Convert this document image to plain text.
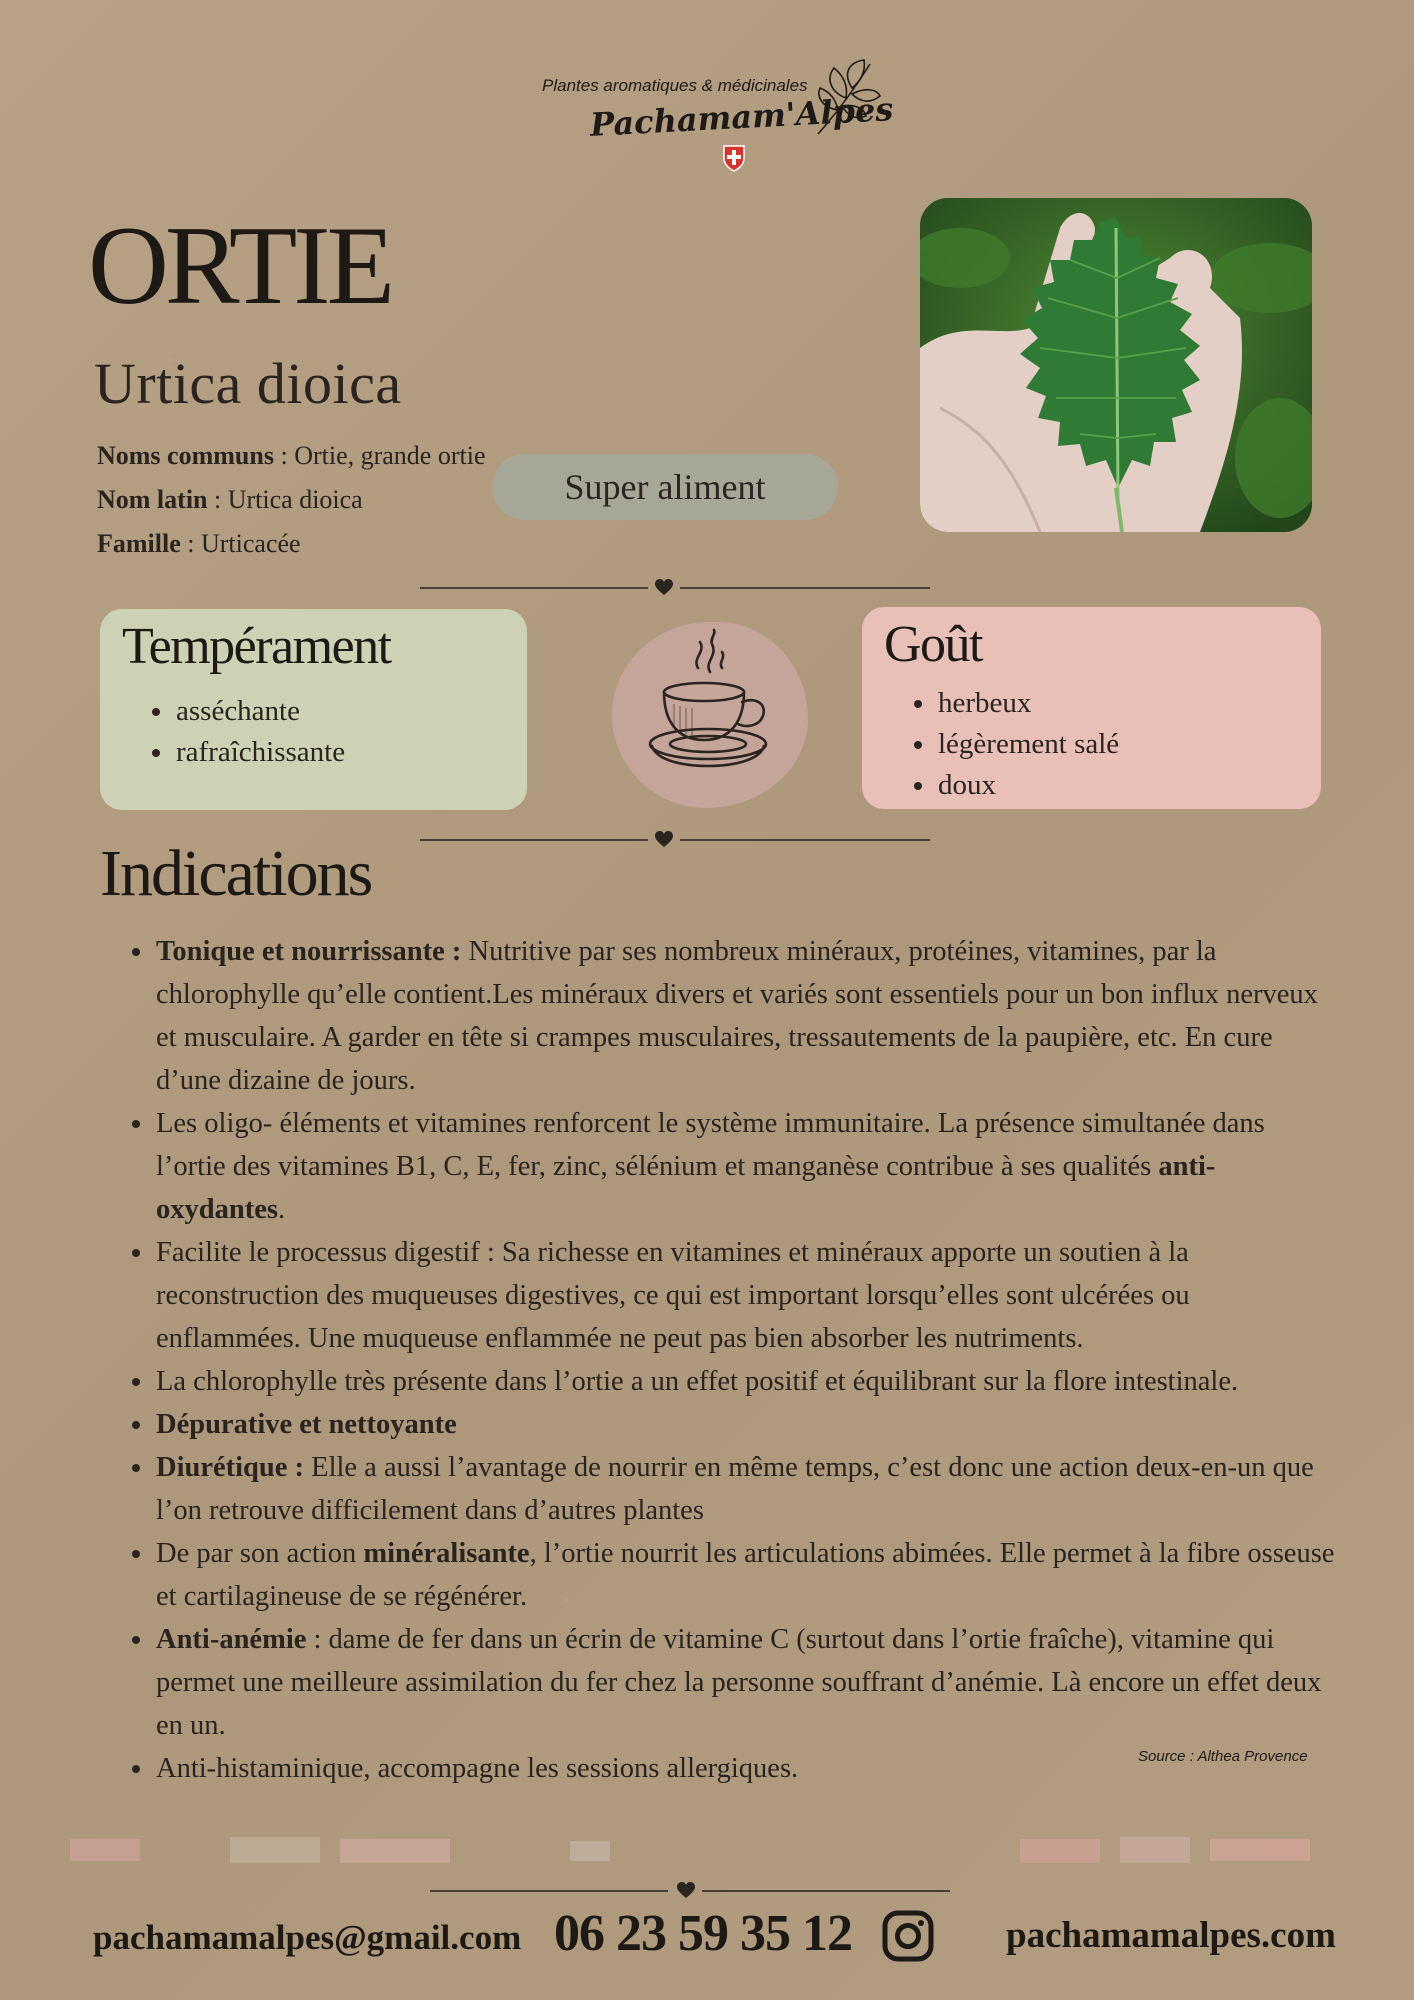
Plantes aromatiques & médicinales
Pachamam'Alpes
ORTIE
Urtica dioica
Noms communs : Ortie, grande ortie
Nom latin : Urtica dioica
Famille : Urticacée
Super aliment
Tempérament
asséchante
rafraîchissante
Goût
herbeux
légèrement salé
doux
Indications
Tonique et nourrissante : Nutritive par ses nombreux minéraux, protéines, vitamines, par la chlorophylle qu’elle contient.Les minéraux divers et variés sont essentiels pour un bon influx nerveux et musculaire. A garder en tête si crampes musculaires, tressautements de la paupière, etc. En cure d’une dizaine de jours.
Les oligo- éléments et vitamines renforcent le système immunitaire. La présence simultanée dans l’ortie des vitamines B1, C, E, fer, zinc, sélénium et manganèse contribue à ses qualités anti-oxydantes.
Facilite le processus digestif : Sa richesse en vitamines et minéraux apporte un soutien à la reconstruction des muqueuses digestives, ce qui est important lorsqu’elles sont ulcérées ou enflammées. Une muqueuse enflammée ne peut pas bien absorber les nutriments.
La chlorophylle très présente dans l’ortie a un effet positif et équilibrant sur la flore intestinale.
Dépurative et nettoyante
Diurétique : Elle a aussi l’avantage de nourrir en même temps, c’est donc une action deux-en-un que l’on retrouve difficilement dans d’autres plantes
De par son action minéralisante, l’ortie nourrit les articulations abimées. Elle permet à la fibre osseuse et cartilagineuse de se régénérer.
Anti-anémie : dame de fer dans un écrin de vitamine C (surtout dans l’ortie fraîche), vitamine qui permet une meilleure assimilation du fer chez la personne souffrant d’anémie. Là encore un effet deux en un.
Anti-histaminique, accompagne les sessions allergiques.	Source : Althea Provence
pachamamalpes@gmail.com 06 23 59 35 12	pachamamalpes.com
